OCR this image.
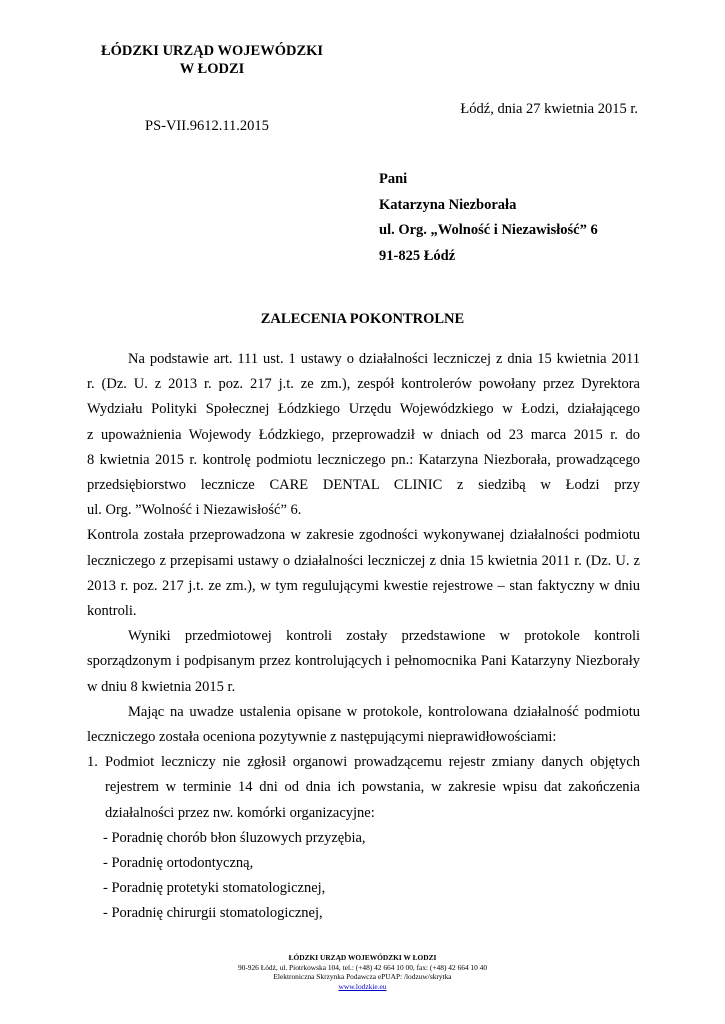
ŁÓDZKI URZĄD WOJEWÓDZKI
W ŁODZI
Łódź, dnia 27 kwietnia 2015 r.
PS-VII.9612.11.2015
Pani
Katarzyna Niezborała
ul. Org. „Wolność i Niezawisłość” 6
91-825 Łódź
ZALECENIA POKONTROLNE

Na podstawie art. 111 ust. 1 ustawy o działalności leczniczej z dnia 15 kwietnia 2011

r. (Dz. U. z 2013 r. poz. 217 j.t. ze zm.), zespół kontrolerów powołany przez Dyrektora

Wydziału Polityki Społecznej Łódzkiego Urzędu Wojewódzkiego w Łodzi, działającego

z upoważnienia Wojewody Łódzkiego, przeprowadził w dniach od 23 marca 2015 r. do

8 kwietnia 2015 r. kontrolę podmiotu leczniczego pn.: Katarzyna Niezborała, prowadzącego

przedsiębiorstwo lecznicze CARE DENTAL CLINIC z siedzibą w Łodzi przy

ul. Org. ”Wolność i Niezawisłość” 6.

Kontrola została przeprowadzona w zakresie zgodności wykonywanej działalności podmiotu leczniczego z przepisami ustawy o działalności leczniczej z dnia 15 kwietnia 2011 r. (Dz. U. z 2013 r. poz. 217 j.t. ze zm.), w tym regulującymi kwestie rejestrowe – stan faktyczny w dniu kontroli.

Wyniki przedmiotowej kontroli zostały przedstawione w protokole kontroli sporządzonym i podpisanym przez kontrolujących i pełnomocnika Pani Katarzyny Niezborały w dniu 8 kwietnia 2015 r.

Mając na uwadze ustalenia opisane w protokole, kontrolowana działalność podmiotu leczniczego została oceniona pozytywnie z następującymi nieprawidłowościami:

1. Podmiot leczniczy nie zgłosił organowi prowadzącemu rejestr zmiany danych objętych rejestrem w terminie 14 dni od dnia ich powstania, w zakresie wpisu dat zakończenia działalności przez nw. komórki organizacyjne:
- Poradnię chorób błon śluzowych przyzębia,
- Poradnię ortodontyczną,
- Poradnię protetyki stomatologicznej,
- Poradnię chirurgii stomatologicznej,
ŁÓDZKI URZĄD WOJEWÓDZKI W ŁODZI
90-926 Łódź, ul. Piotrkowska 104, tel.: (+48) 42 664 10 00, fax: (+48) 42 664 10 40
Elektroniczna Skrzynka Podawcza ePUAP: /lodzuw/skrytka
www.lodzkie.eu
